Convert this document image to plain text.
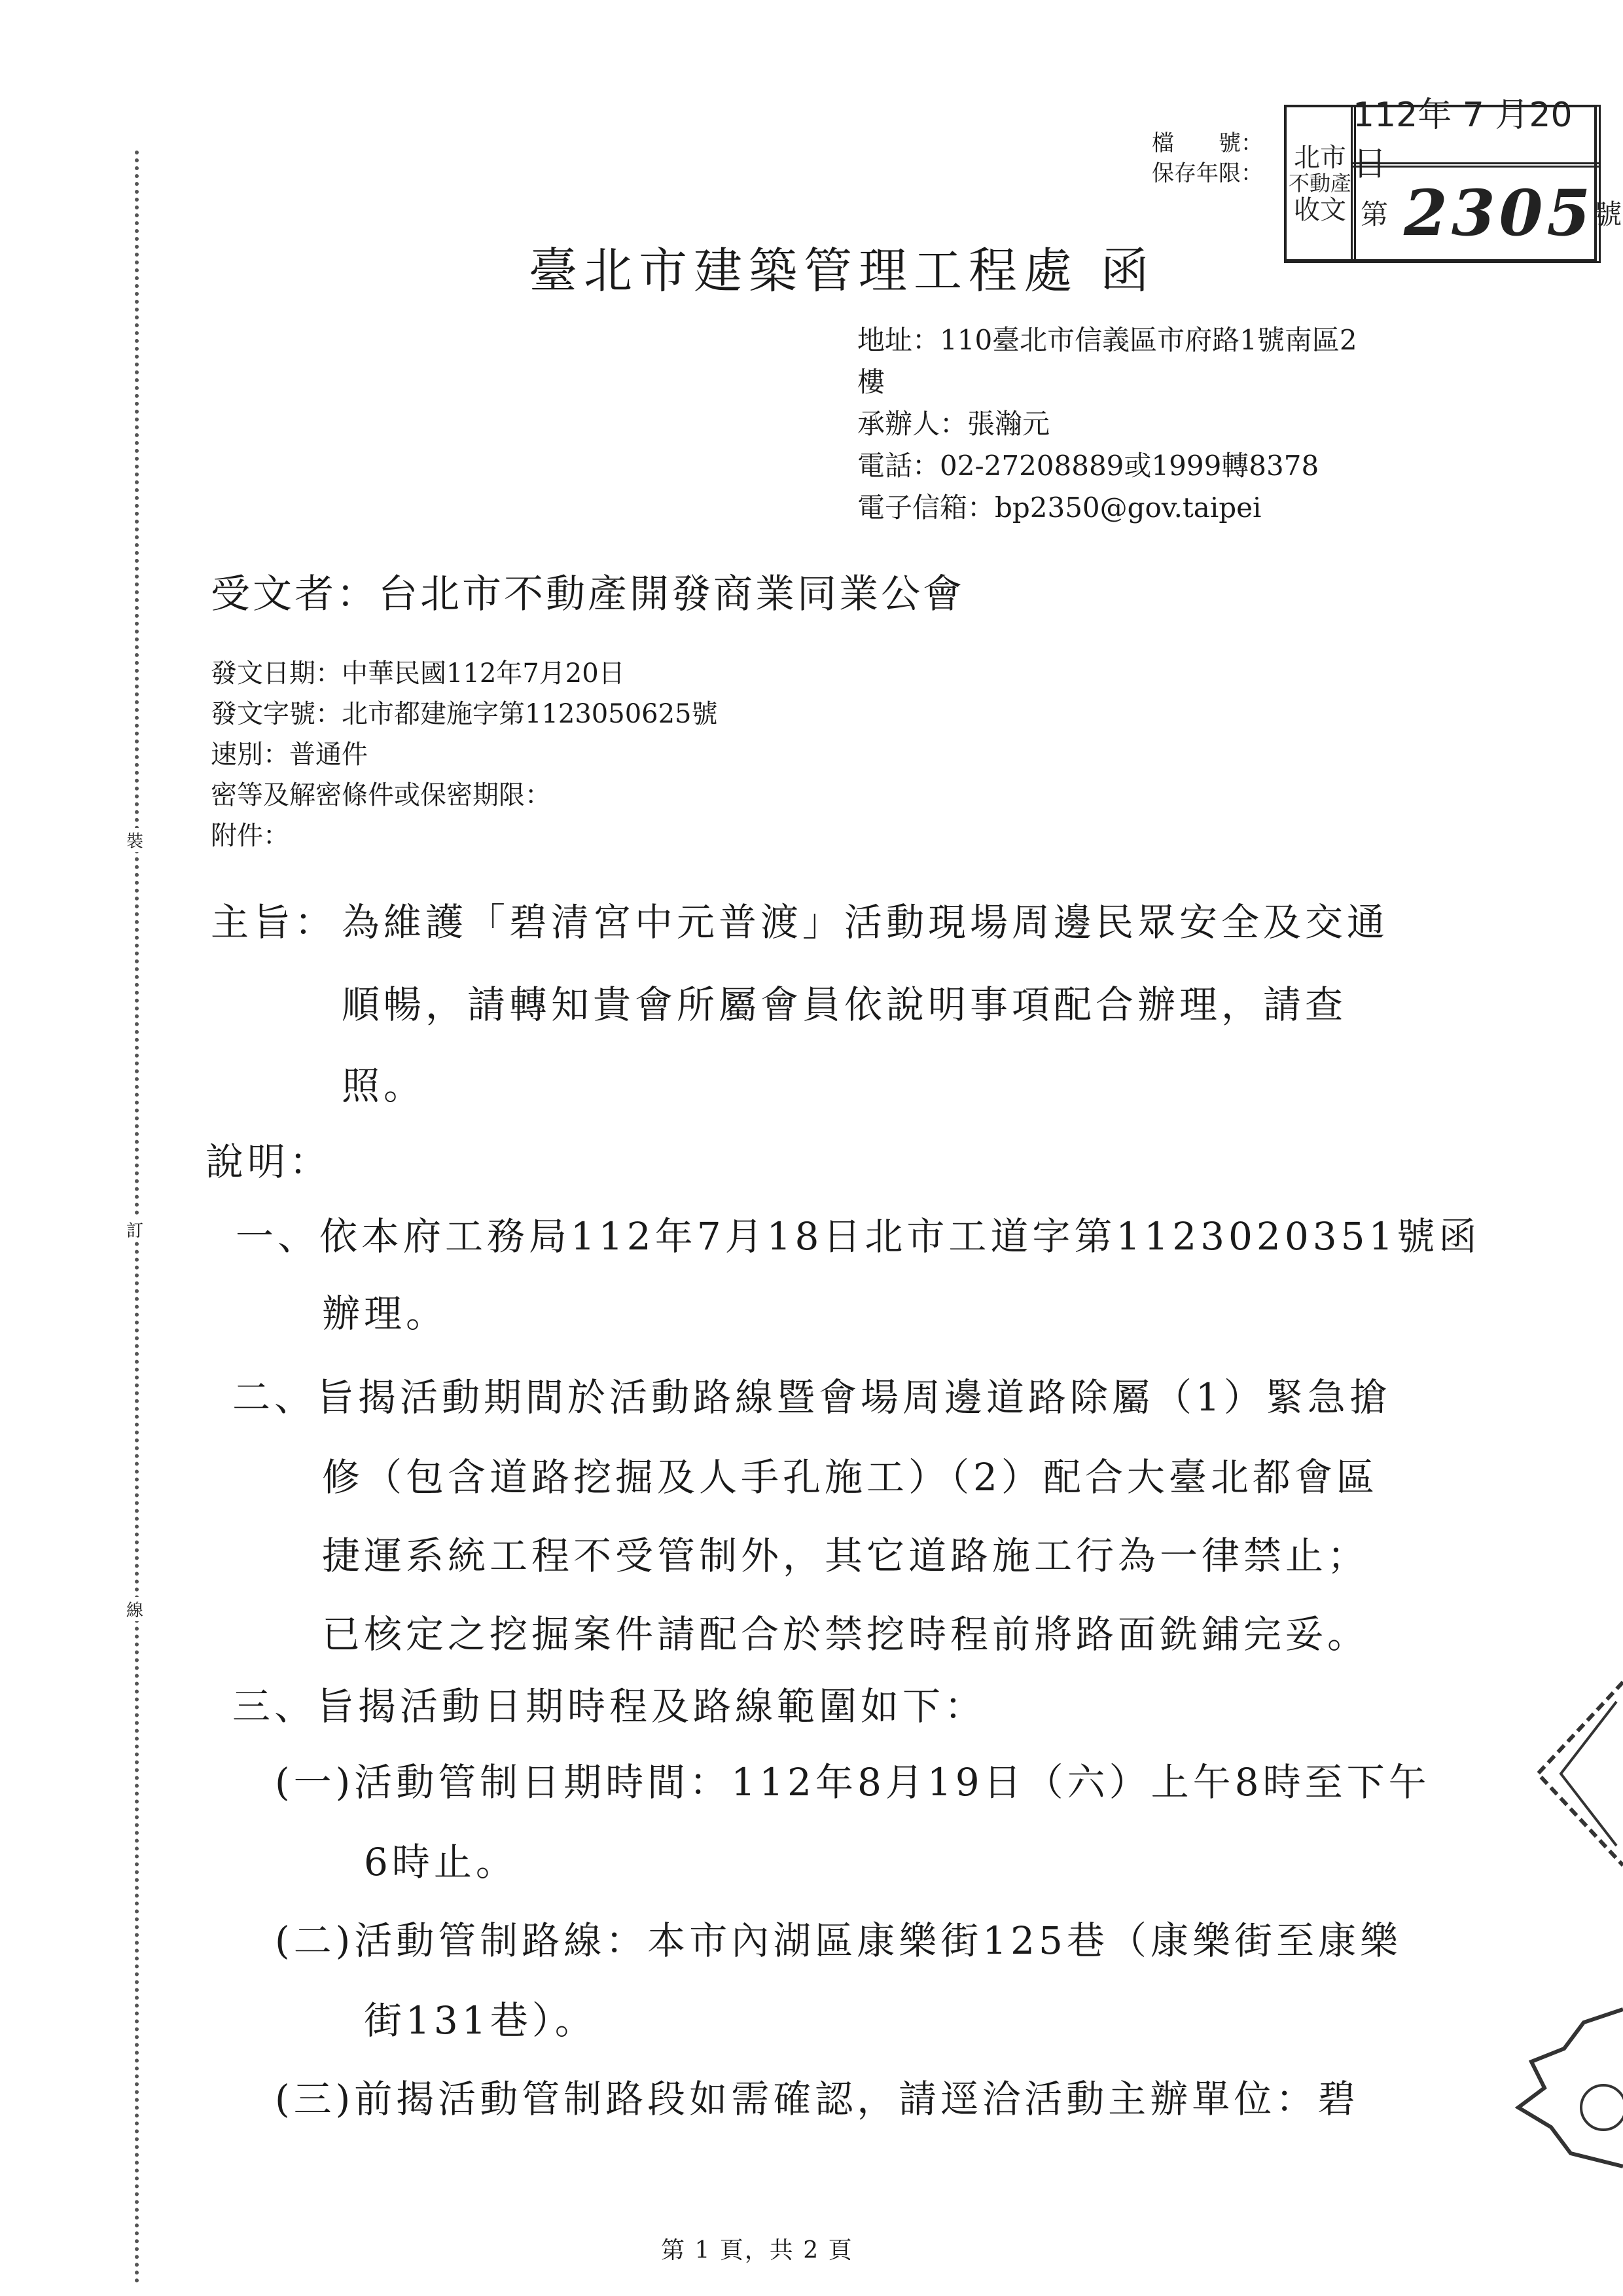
裝
訂
線
檔　　號：
保存年限：
北市
不動產
收文
112年 7 月20日
第 2305 號
臺北市建築管理工程處 函
地址：110臺北市信義區市府路1號南區2
樓
承辦人：張瀚元
電話：02-27208889或1999轉8378
電子信箱：bp2350@gov.taipei
受文者：台北市不動產開發商業同業公會
發文日期：中華民國112年7月20日
發文字號：北市都建施字第1123050625號
速別：普通件
密等及解密條件或保密期限：
附件：
主旨： 為維護「碧清宮中元普渡」活動現場周邊民眾安全及交通
順暢，請轉知貴會所屬會員依說明事項配合辦理，請查
照。
說明：
一、依本府工務局112年7月18日北市工道字第1123020351號函
辦理。
二、旨揭活動期間於活動路線暨會場周邊道路除屬（1）緊急搶
修（包含道路挖掘及人手孔施工）（2）配合大臺北都會區
捷運系統工程不受管制外，其它道路施工行為一律禁止；
已核定之挖掘案件請配合於禁挖時程前將路面銑鋪完妥。
三、旨揭活動日期時程及路線範圍如下：
(一)活動管制日期時間：112年8月19日（六）上午8時至下午
6時止。
(二)活動管制路線：本市內湖區康樂街125巷（康樂街至康樂
街131巷）。
(三)前揭活動管制路段如需確認，請逕洽活動主辦單位：碧
第 1 頁，共 2 頁
